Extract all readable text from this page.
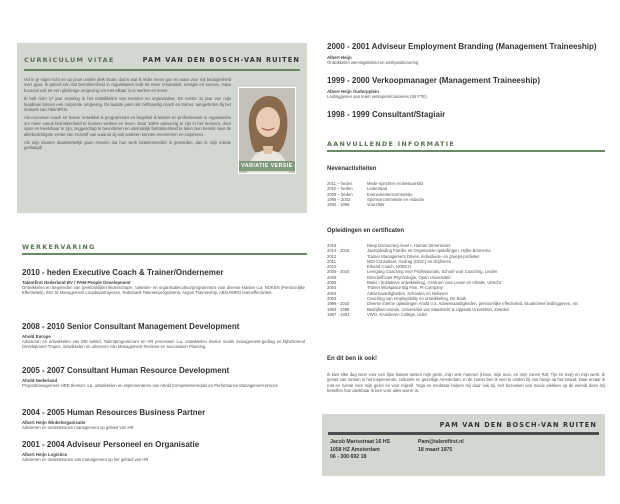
CURRICULUM VITAE	PAM VAN DEN BOSCH-VAN RUITEN

Vol in je eigen licht en op jouw unieke plek staan, dat is wat ik ieder mens gun en waar voor mij bedogenheid over gaat. Ik geloof erin dat betrokkenheid in organisaties leidt tot meer creativiteit, energie en succes, maar bovenal ook tot een plezierige omgeving om met elkaar in te werken en leven.

Ik heb ruim 17 jaar ervaring in het ontwikkelen van mensen en organisaties. De eerste 11 jaar van mijn loopbaan binnen een corporate omgeving. De laatste jaren als zelfstandig coach en trainer, aangesloten bij het netwerk van TalentFirst.

Als executive coach en trainer ontwikkel ik programma's en begeleid ik leiders en professionals in organisaties om meer vanuit betrokkenheid te kunnen werken en leven. Door 100% aanwezig te zijn in het moment, door open en kwetsbaar te zijn, zeggeschap te bevorderen en uiteindelijk betrokkenheid te laten zien bereikt naar de allerbeschtigste versie van zichzelf van waaruit zij ook anderen kunnen meenemen en inspireren.

Als mijn klanten daadwerkelijk gaan ervaren dat hun werk betekenisvoller is geworden, dan is mijn missie geslaagd!

VARIATIE VERSIE
WERKERVARING
2010 - heden Executive Coach & Trainer/Ondernemer
Talentfirst Nederland BV / PAM-People Development
Ontwikkelen en begeleiden van (persoonlijke) leiderschaps-, talenten- en organisatiecultuurprogramma's voor diverse klanten o.a. NOKEN (Persoonlijke Effectiviteit), ING Sr Management Loopbaantrajecten, Rabobank Talentenprogramma, Aegon Traineeship, ABN AMRO teameffectiviteit.
2008 - 2010 Senior Consultant Management Development
Ahold Europe
Adviseren en ontwikkelen van MD beleid, Talentprogramma's en HR processen o.a. ontwikkelen Senior model management-gedrag en bijbehorend Development Traject, ontwikkelen en uitvoeren van Management Reviews en Succession Planning.
2005 - 2007 Consultant Human Resource Development
Ahold Nederland
Projectmanagement HRD thema's o.a. ontwikkelen en implementeren van Ahold Competentiemodel en Performance Management-proces
2004 - 2005 Human Resources Business Partner
Albert Heijn Winkelorganisatie
Adviseren en ondersteunen management op gebied van HR
2001 - 2004 Adviseur Personeel en Organisatie
Albert Heijn Logistics
Adviseren en ondersteunen van management op het gebied van HR
2000 - 2001 Adviseur Employment Branding (Management Traineeship)
Albert Heijn
Ontwikkelen wervingsbeleid en werkpositionering
1999 - 2000 Verkoopmanager (Management Traineeship)
Albert Heijn Oudorpplein
Leidinggeven aan team verkopers/cassieres (55 FTE)
1998 - 1999 Consultant/Stagiair
AANVULLENDE INFORMATIE
Nevenactiviteiten
2011 – heden	Mede-oprichter en Bestuurslid
2010 – heden	Ledenraad
2009 – heden	Evenementencommissie
1998 – 2002	Sponsorcommissie en redactie
1992 - 1996	Voorzitter
Opleidingen en certificaten
2016	Deep Democracy level I, Human Dimensions
2014 - 2015	Jaaropleiding Familie en Organisatie-opstellingen, Hylke Bonnema
2012	Trainer Management Drives, individuele- en groeps-profielen
2011	MDI-Consultant, Gedrag (DISC) en Drijfveren
2010	Erkend Coach, NOBCO
2009 - 2010	Leergang Coaching voor Professionals, School voor Coaching, Leiden
2005	Directieffciaet Psychologie, Open Universiteit
2005	Basis I (Initiatieve ontwikkeling), Centrum voor Leven en Inhalte, Utrecht
2004	Trainer Workplace Big Five, PI-Company
2004	Adviesvaardigheden, Schouten en Nelissen
2003	Coaching van employability en ontwikkeling, De Baak
1999 - 2010	Diverse interne opleidingen Ahold o.a. Adviesvaardigheden, persoonlijke effectiviteit, situationeel leidinggeven, etc
1993 - 1998	Bedrijfseconomie, Universiteit van Maastricht & Uppsala Universitet, Zweden
1987 - 1993	VWO, Kruisheren College, Uden
En dit ben ik ook!
Ik kies elke dag weer voor een fijne balans tussen mijn gezin, mijn vele mannen (Hans, mijn man, en mijn zonen Raf, Tijn en Sep) en mijn werk. Ik geniet van ronnen in het inspirerende, culturele en gezellige Amsterdam. In de zomer ben ik veel te vinden bij ons huisje op het strand. Daar ervaar ik rust en ruimte voor mijn gezin en voor mijzelf. Yoga en meditatie helpen mij daar ook bij. Het bezoeken van mooie plekken op de wereld doen mij beseffen hoe dankbaar ik ben voor alles wat er is.
PAM VAN DEN BOSCH-VAN RUITEN
Jacob Marisstraat 16 HS
1058 HZ Amsterdam
06 - 300 692 18
Pam@talentfirst.nl
18 maart 1975
